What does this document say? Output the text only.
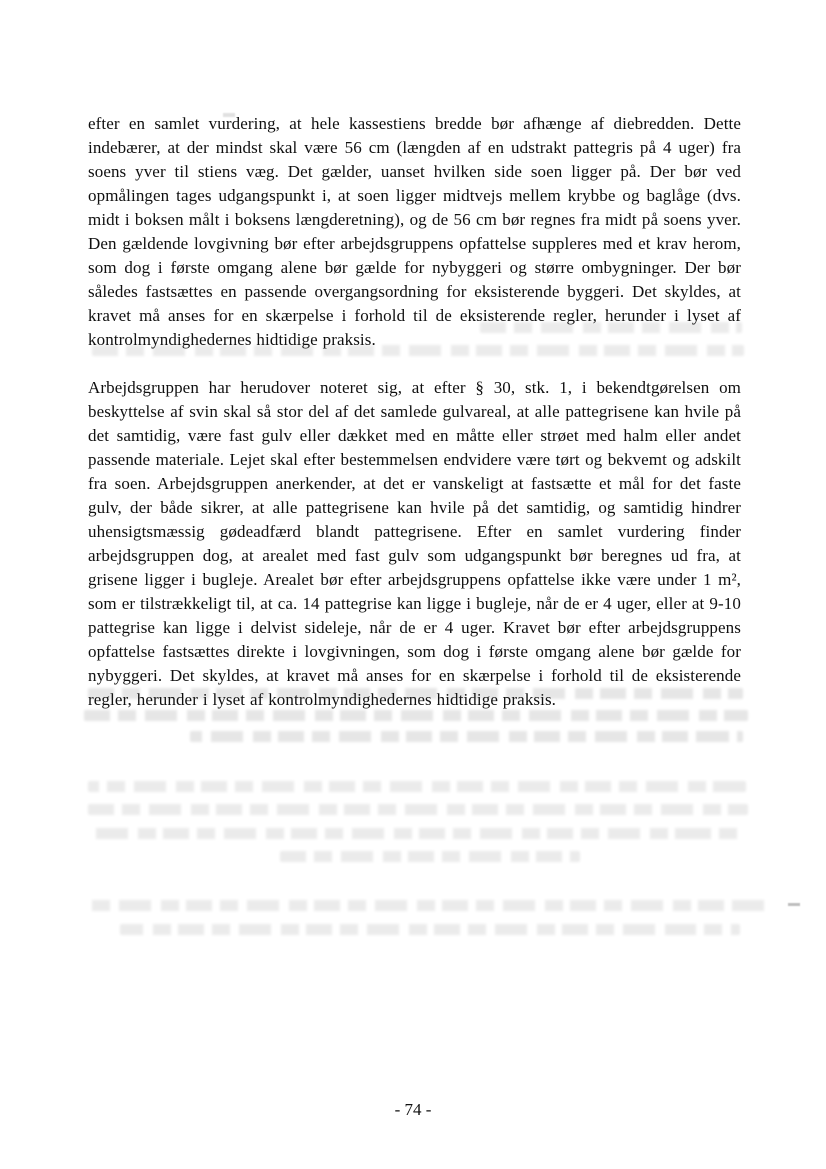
efter en samlet vurdering, at hele kassestiens bredde bør afhænge af diebredden. Dette indebærer, at der mindst skal være 56 cm (længden af en udstrakt pattegris på 4 uger) fra soens yver til stiens væg. Det gælder, uanset hvilken side soen ligger på. Der bør ved opmålingen tages udgangspunkt i, at soen ligger midtvejs mellem krybbe og baglåge (dvs. midt i boksen målt i boksens længderetning), og de 56 cm bør regnes fra midt på soens yver. Den gældende lovgivning bør efter arbejdsgruppens opfattelse suppleres med et krav herom, som dog i første omgang alene bør gælde for nybyggeri og større ombygninger. Der bør således fastsættes en passende overgangsordning for eksisterende byggeri. Det skyldes, at kravet må anses for en skærpelse i forhold til de eksisterende regler, herunder i lyset af kontrolmyndighedernes hidtidige praksis.

Arbejdsgruppen har herudover noteret sig, at efter § 30, stk. 1, i bekendtgørelsen om beskyttelse af svin skal så stor del af det samlede gulvareal, at alle pattegrisene kan hvile på det samtidig, være fast gulv eller dækket med en måtte eller strøet med halm eller andet passende materiale. Lejet skal efter bestemmelsen endvidere være tørt og bekvemt og adskilt fra soen. Arbejdsgruppen anerkender, at det er vanskeligt at fastsætte et mål for det faste gulv, der både sikrer, at alle pattegrisene kan hvile på det samtidig, og samtidig hindrer uhensigtsmæssig gødeadfærd blandt pattegrisene. Efter en samlet vurdering finder arbejdsgruppen dog, at arealet med fast gulv som udgangspunkt bør beregnes ud fra, at grisene ligger i bugleje. Arealet bør efter arbejdsgruppens opfattelse ikke være under 1 m², som er tilstrækkeligt til, at ca. 14 pattegrise kan ligge i bugleje, når de er 4 uger, eller at 9-10 pattegrise kan ligge i delvist sideleje, når de er 4 uger. Kravet bør efter arbejdsgruppens opfattelse fastsættes direkte i lovgivningen, som dog i første omgang alene bør gælde for nybyggeri. Det skyldes, at kravet må anses for en skærpelse i forhold til de eksisterende regler, herunder i lyset af kontrolmyndighedernes hidtidige praksis.

- 74 -
